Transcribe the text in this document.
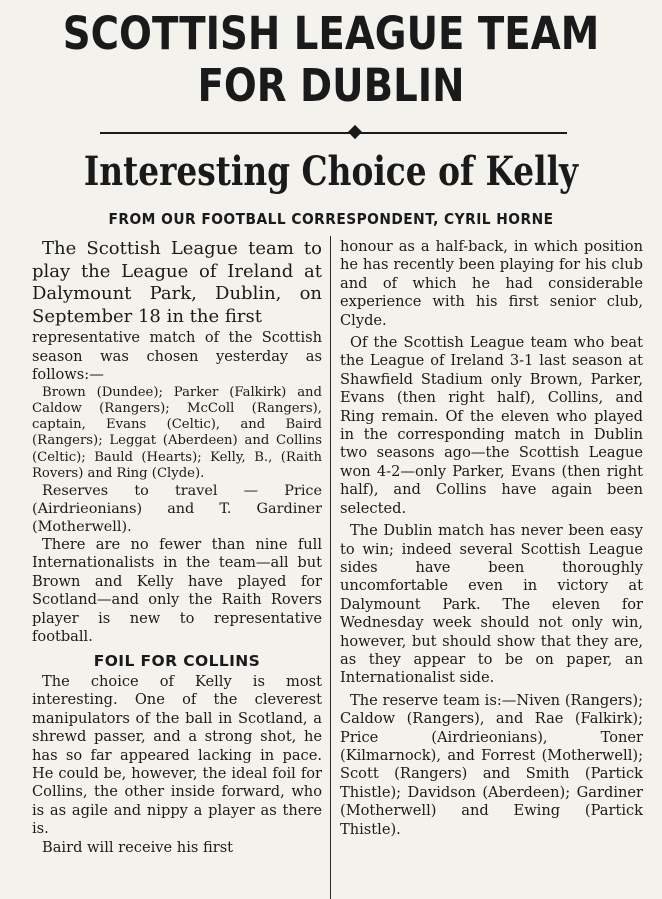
SCOTTISH LEAGUE TEAM
FOR DUBLIN
Interesting Choice of Kelly
FROM OUR FOOTBALL CORRESPONDENT, CYRIL HORNE

The Scottish League team to play the League of Ireland at Dalymount Park, Dublin, on September 18 in the first

representative match of the Scottish season was chosen yesterday as follows:—

Brown (Dundee); Parker (Falkirk) and Caldow (Rangers); McColl (Rangers), captain, Evans (Celtic), and Baird (Rangers); Leggat (Aberdeen) and Collins (Celtic); Bauld (Hearts); Kelly, B., (Raith Rovers) and Ring (Clyde).

Reserves to travel — Price (Airdrieonians) and T. Gardiner (Motherwell).

There are no fewer than nine full Internationalists in the team—all but Brown and Kelly have played for Scotland—and only the Raith Rovers player is new to representative football.

FOIL FOR COLLINS

The choice of Kelly is most interesting. One of the cleverest manipulators of the ball in Scotland, a shrewd passer, and a strong shot, he has so far appeared lacking in pace. He could be, however, the ideal foil for Collins, the other inside forward, who is as agile and nippy a player as there is.

Baird will receive his first

honour as a half-back, in which position he has recently been playing for his club and of which he had considerable experience with his first senior club, Clyde.

Of the Scottish League team who beat the League of Ireland 3-1 last season at Shawfield Stadium only Brown, Parker, Evans (then right half), Collins, and Ring remain. Of the eleven who played in the corresponding match in Dublin two seasons ago—the Scottish League won 4-2—only Parker, Evans (then right half), and Collins have again been selected.

The Dublin match has never been easy to win; indeed several Scottish League sides have been thoroughly uncomfortable even in victory at Dalymount Park. The eleven for Wednesday week should not only win, however, but should show that they are, as they appear to be on paper, an Internationalist side.

The reserve team is:—Niven (Rangers); Caldow (Rangers), and Rae (Falkirk); Price (Airdrieonians), Toner (Kilmarnock), and Forrest (Motherwell); Scott (Rangers) and Smith (Partick Thistle); Davidson (Aberdeen); Gardiner (Motherwell) and Ewing (Partick Thistle).
